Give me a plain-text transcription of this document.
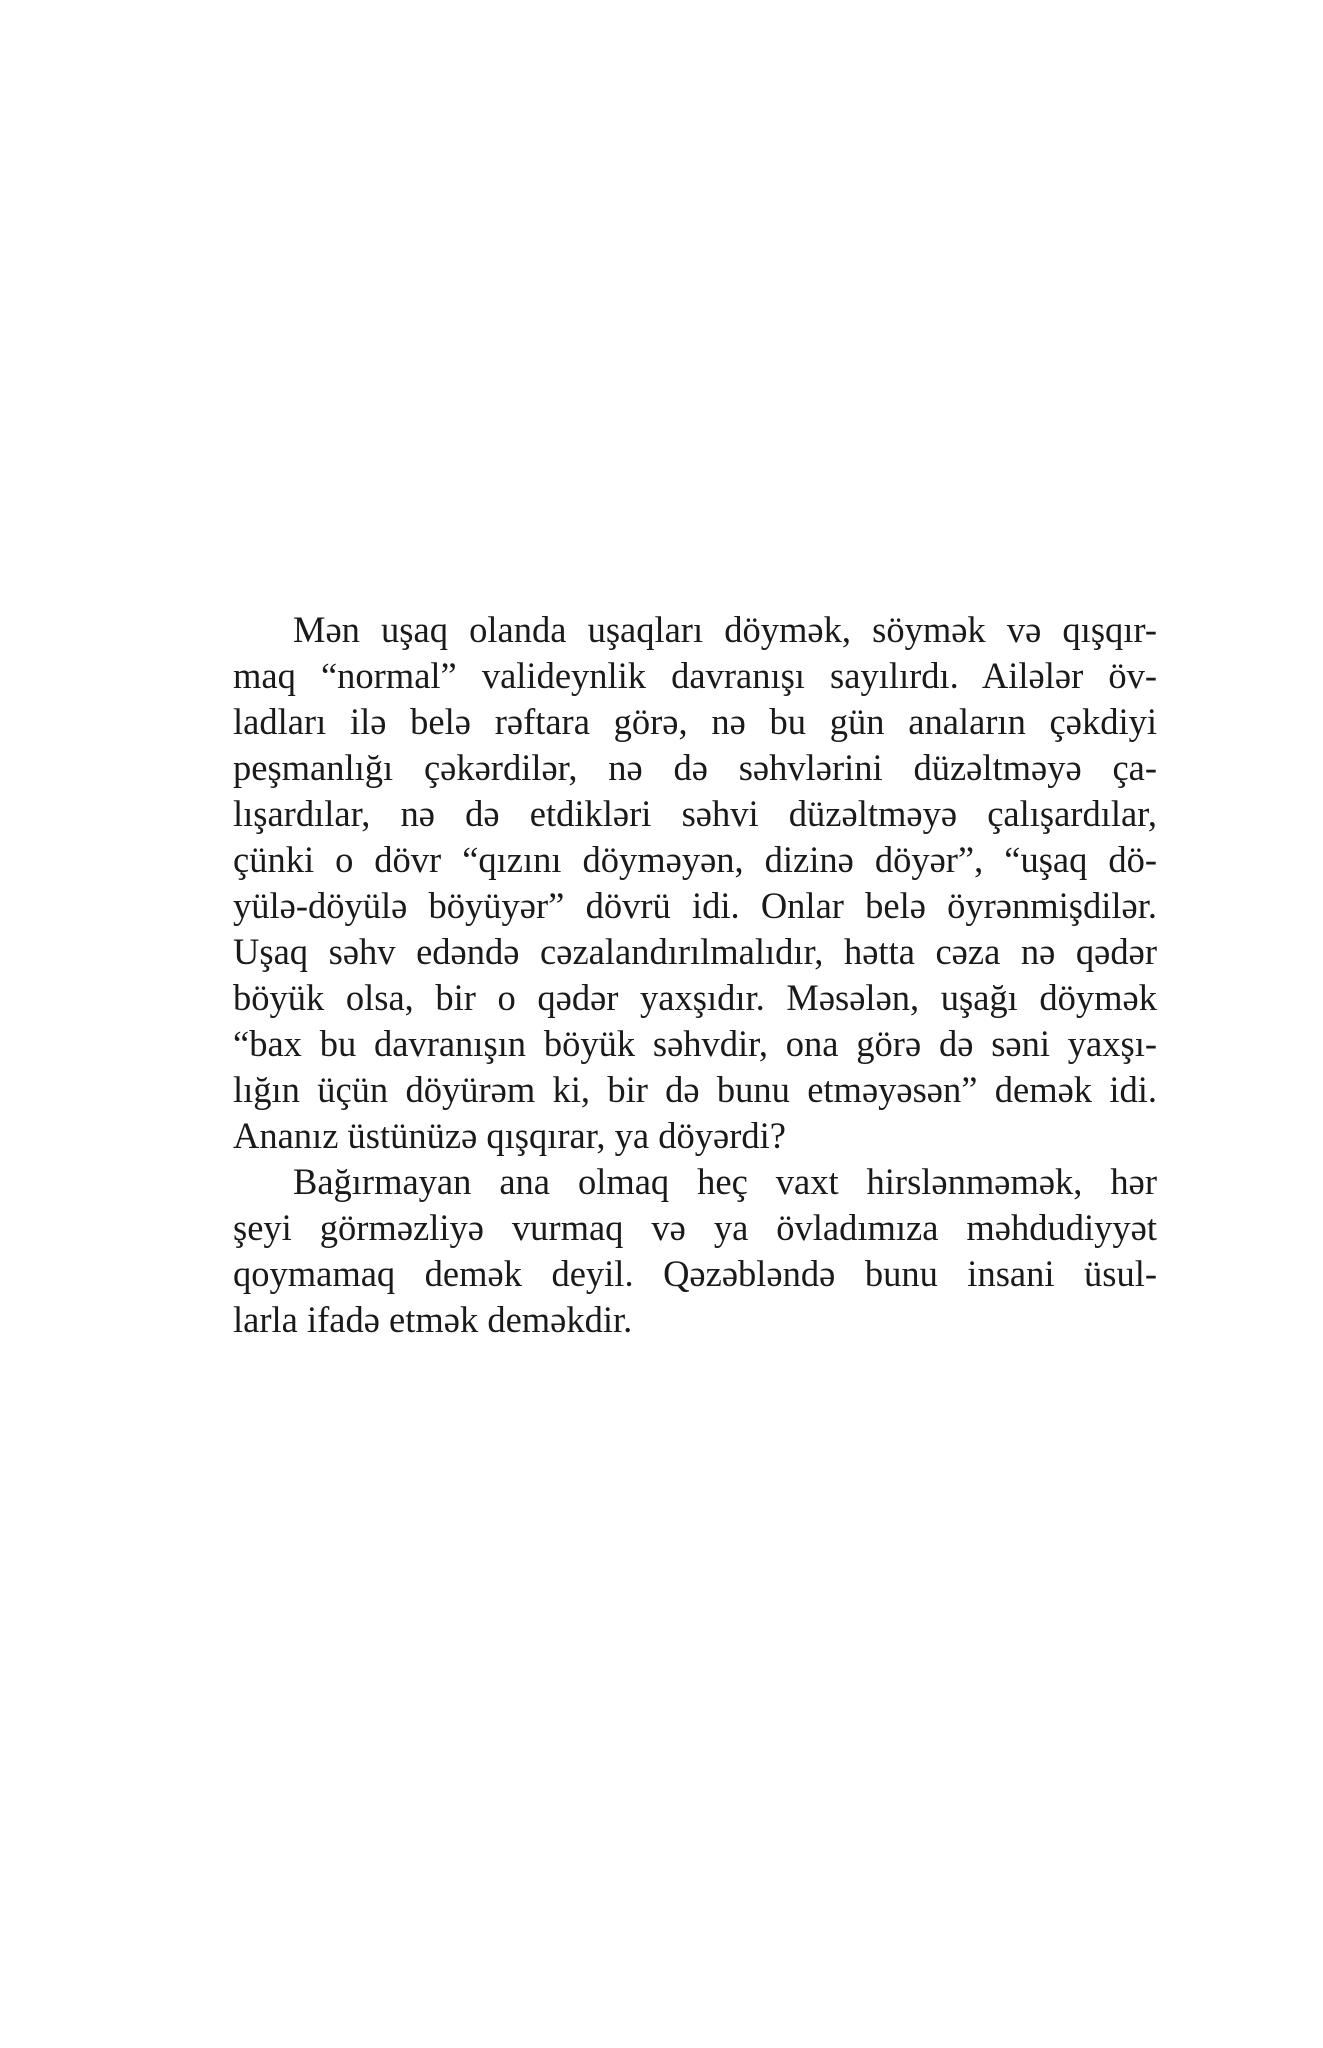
Mən uşaq olanda uşaqları döymək, söymək və qışqır-
maq “normal” valideynlik davranışı sayılırdı. Ailələr öv-
ladları ilə belə rəftara görə, nə bu gün anaların çəkdiyi
peşmanlığı çəkərdilər, nə də səhvlərini düzəltməyə ça-
lışardılar, nə də etdikləri səhvi düzəltməyə çalışardılar,
çünki o dövr “qızını döyməyən, dizinə döyər”, “uşaq dö-
yülə-döyülə böyüyər” dövrü idi. Onlar belə öyrənmişdilər.
Uşaq səhv edəndə cəzalandırılmalıdır, hətta cəza nə qədər
böyük olsa, bir o qədər yaxşıdır. Məsələn, uşağı döymək
“bax bu davranışın böyük səhvdir, ona görə də səni yaxşı-
lığın üçün döyürəm ki, bir də bunu etməyəsən” demək idi.
Ananız üstünüzə qışqırar, ya döyərdi?
Bağırmayan ana olmaq heç vaxt hirslənməmək, hər
şeyi görməzliyə vurmaq və ya övladımıza məhdudiyyət
qoymamaq demək deyil. Qəzəbləndə bunu insani üsul-
larla ifadə etmək deməkdir.
